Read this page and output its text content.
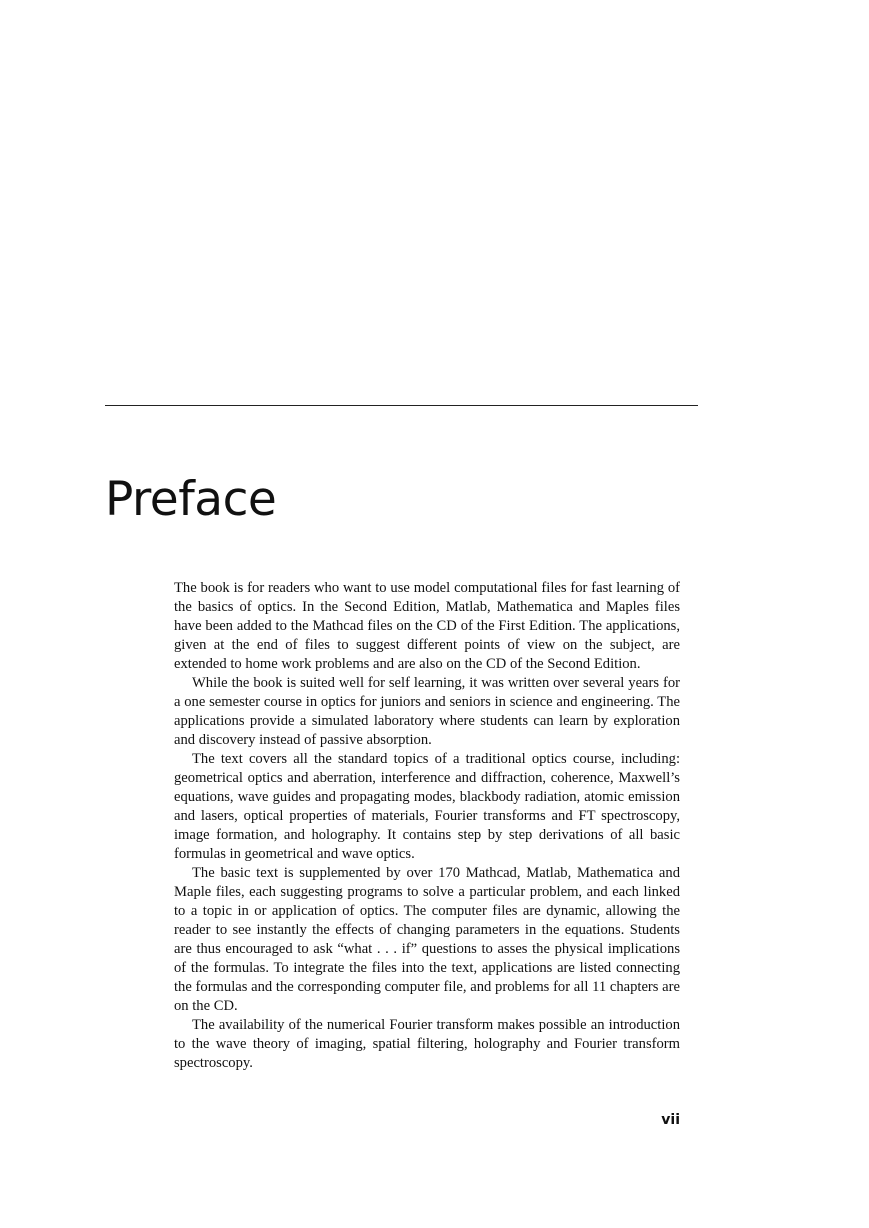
Preface

The book is for readers who want to use model computational files for fast learning of the basics of optics. In the Second Edition, Matlab, Mathematica and Maples files have been added to the Mathcad files on the CD of the First Edition. The applications, given at the end of files to suggest different points of view on the subject, are extended to home work problems and are also on the CD of the Second Edition.

While the book is suited well for self learning, it was written over several years for a one semester course in optics for juniors and seniors in science and engineering. The applications provide a simulated laboratory where students can learn by exploration and discovery instead of passive absorption.

The text covers all the standard topics of a traditional optics course, including: geometrical optics and aberration, interference and diffraction, coherence, Maxwell’s equations, wave guides and propagating modes, blackbody radiation, atomic emission and lasers, optical properties of materials, Fourier transforms and FT spectroscopy, image formation, and holography. It contains step by step derivations of all basic formulas in geometrical and wave optics.

The basic text is supplemented by over 170 Mathcad, Matlab, Mathematica and Maple files, each suggesting programs to solve a particular problem, and each linked to a topic in or application of optics. The computer files are dynamic, allowing the reader to see instantly the effects of changing parameters in the equations. Students are thus encouraged to ask “what . . . if” questions to asses the physical implications of the formulas. To integrate the files into the text, applications are listed connecting the formulas and the corresponding computer file, and problems for all 11 chapters are on the CD.

The availability of the numerical Fourier transform makes possible an introduction to the wave theory of imaging, spatial filtering, holography and Fourier transform spectroscopy.

vii
